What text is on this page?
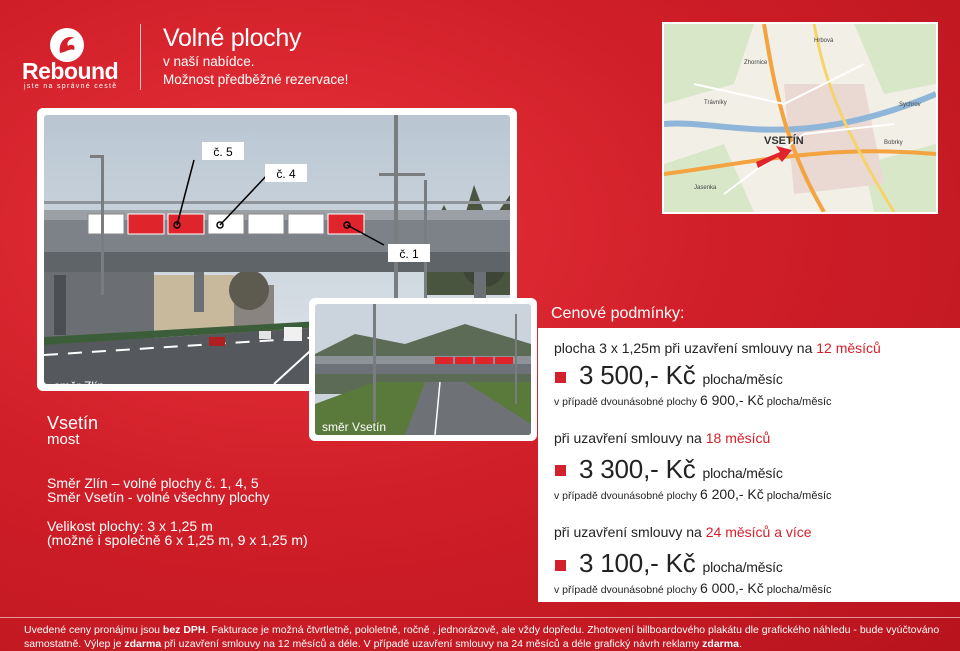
Rebound
jste na správné cestě
Volné plochy
v naší nabídce.
Možnost předběžné rezervace!
č. 5
č. 4
č. 1
směr Zlín
směr Vsetín
Vsetín
most
Směr Zlín – volné plochy č. 1, 4, 5
Směr Vsetín - volné všechny plochy
Velikost plochy: 3 x 1,25 m
(možné i společně 6 x 1,25 m, 9 x 1,25 m)
VSETÍN
Hrbová
Sychrov
Jasenka
Bobrky
Trávníky
Zhornice
Cenové podmínky:
plocha 3 x 1,25m při uzavření smlouvy na 12 měsíců
3 500,- Kč plocha/měsíc
v případě dvounásobné plochy 6 900,- Kč plocha/měsíc
při uzavření smlouvy na 18 měsíců
3 300,- Kč plocha/měsíc
v případě dvounásobné plochy 6 200,- Kč plocha/měsíc
při uzavření smlouvy na 24 měsíců a více
3 100,- Kč plocha/měsíc
v případě dvounásobné plochy 6 000,- Kč plocha/měsíc
Uvedené ceny pronájmu jsou bez DPH. Fakturace je možná čtvrtletně, pololetně, ročně , jednorázově, ale vždy dopředu. Zhotovení billboardového plakátu dle grafického náhledu - bude vyúčtováno samostatně. Výlep je zdarma při uzavření smlouvy na 12 měsíců a déle. V případě uzavření smlouvy na 24 měsíců a déle grafický návrh reklamy zdarma.
